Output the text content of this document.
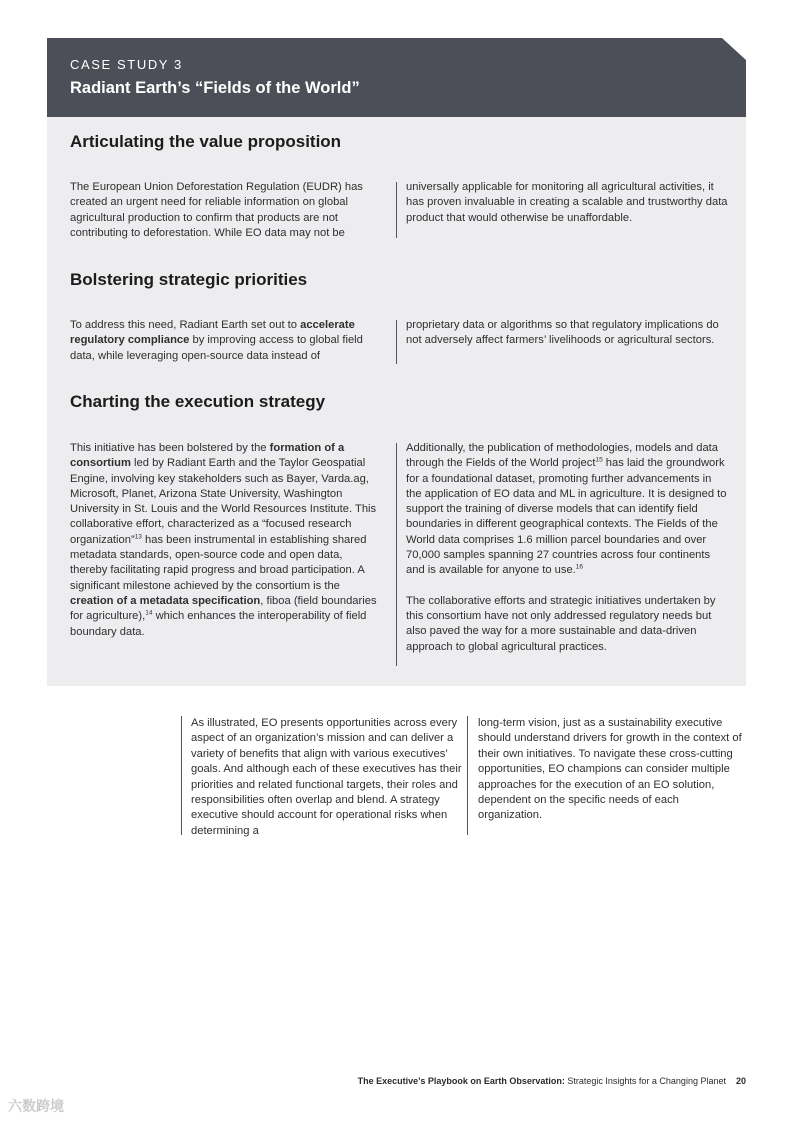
CASE STUDY 3
Radiant Earth’s “Fields of the World”
Articulating the value proposition

The European Union Deforestation Regulation (EUDR) has created an urgent need for reliable information on global agricultural production to confirm that products are not contributing to deforestation. While EO data may not be

universally applicable for monitoring all agricultural activities, it has proven invaluable in creating a scalable and trustworthy data product that would otherwise be unaffordable.

Bolstering strategic priorities

To address this need, Radiant Earth set out to accelerate regulatory compliance by improving access to global field data, while leveraging open-source data instead of

proprietary data or algorithms so that regulatory implications do not adversely affect farmers’ livelihoods or agricultural sectors.

Charting the execution strategy

This initiative has been bolstered by the formation of a consortium led by Radiant Earth and the Taylor Geospatial Engine, involving key stakeholders such as Bayer, Varda.ag, Microsoft, Planet, Arizona State University, Washington University in St. Louis and the World Resources Institute. This collaborative effort, characterized as a “focused research organization”$^{13}$ has been instrumental in establishing shared metadata standards, open-source code and open data, thereby facilitating rapid progress and broad participation. A significant milestone achieved by the consortium is the creation of a metadata specification, fiboa (field boundaries for agriculture),$^{14}$ which enhances the interoperability of field boundary data.

Additionally, the publication of methodologies, models and data through the Fields of the World project$^{15}$ has laid the groundwork for a foundational dataset, promoting further advancements in the application of EO data and ML in agriculture. It is designed to support the training of diverse models that can identify field boundaries in different geographical contexts. The Fields of the World data comprises 1.6 million parcel boundaries and over 70,000 samples spanning 27 countries across four continents and is available for anyone to use.$^{16}$

The collaborative efforts and strategic initiatives undertaken by this consortium have not only addressed regulatory needs but also paved the way for a more sustainable and data-driven approach to global agricultural practices.

As illustrated, EO presents opportunities across every aspect of an organization’s mission and can deliver a variety of benefits that align with various executives’ goals. And although each of these executives has their priorities and related functional targets, their roles and responsibilities often overlap and blend. A strategy executive should account for operational risks when determining a

long-term vision, just as a sustainability executive should understand drivers for growth in the context of their own initiatives. To navigate these cross-cutting opportunities, EO champions can consider multiple approaches for the execution of an EO solution, dependent on the specific needs of each organization.

The Executive’s Playbook on Earth Observation: Strategic Insights for a Changing Planet 20
六数跨境
